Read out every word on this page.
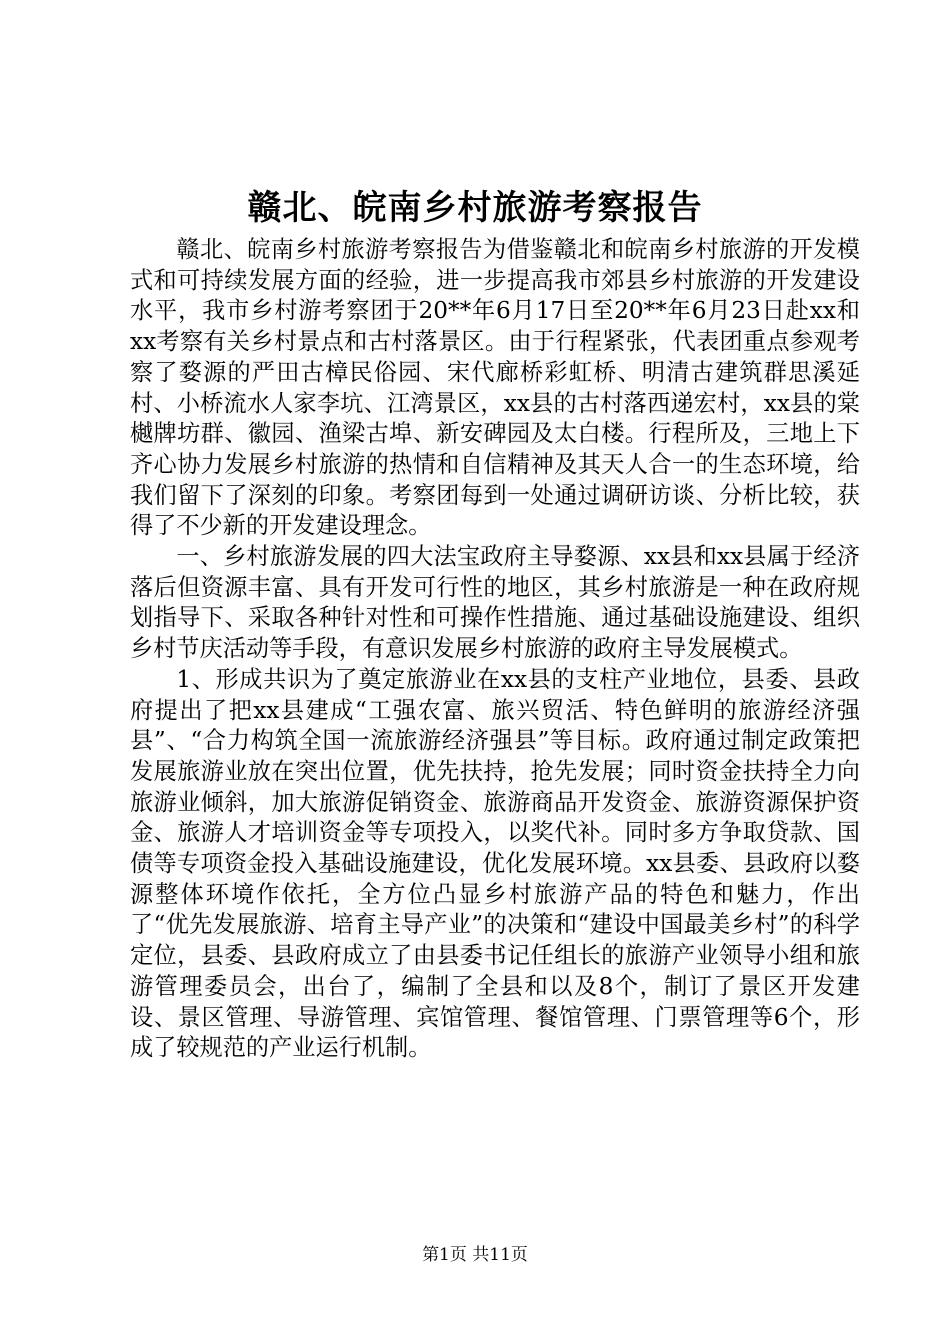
赣北、皖南乡村旅游考察报告

赣北、皖南乡村旅游考察报告为借鉴赣北和皖南乡村旅游的开发模式和可持续发展方面的经验，进一步提高我市郊县乡村旅游的开发建设水平，我市乡村游考察团于20**年6月17日至20**年6月23日赴xx和xx考察有关乡村景点和古村落景区。由于行程紧张，代表团重点参观考察了婺源的严田古樟民俗园、宋代廊桥彩虹桥、明清古建筑群思溪延村、小桥流水人家李坑、江湾景区，xx县的古村落西递宏村，xx县的棠樾牌坊群、徽园、渔梁古埠、新安碑园及太白楼。行程所及，三地上下齐心协力发展乡村旅游的热情和自信精神及其天人合一的生态环境，给我们留下了深刻的印象。考察团每到一处通过调研访谈、分析比较，获得了不少新的开发建设理念。

一、乡村旅游发展的四大法宝政府主导婺源、xx县和xx县属于经济落后但资源丰富、具有开发可行性的地区，其乡村旅游是一种在政府规划指导下、采取各种针对性和可操作性措施、通过基础设施建设、组织乡村节庆活动等手段，有意识发展乡村旅游的政府主导发展模式。

1、形成共识为了奠定旅游业在xx县的支柱产业地位，县委、县政府提出了把xx县建成“工强农富、旅兴贸活、特色鲜明的旅游经济强县”、“合力构筑全国一流旅游经济强县”等目标。政府通过制定政策把发展旅游业放在突出位置，优先扶持，抢先发展；同时资金扶持全力向旅游业倾斜，加大旅游促销资金、旅游商品开发资金、旅游资源保护资金、旅游人才培训资金等专项投入，以奖代补。同时多方争取贷款、国债等专项资金投入基础设施建设，优化发展环境。xx县委、县政府以婺源整体环境作依托，全方位凸显乡村旅游产品的特色和魅力，作出了“优先发展旅游、培育主导产业”的决策和“建设中国最美乡村”的科学定位，县委、县政府成立了由县委书记任组长的旅游产业领导小组和旅游管理委员会，出台了，编制了全县和以及8个，制订了景区开发建设、景区管理、导游管理、宾馆管理、餐馆管理、门票管理等6个，形成了较规范的产业运行机制。

第1页 共11页
